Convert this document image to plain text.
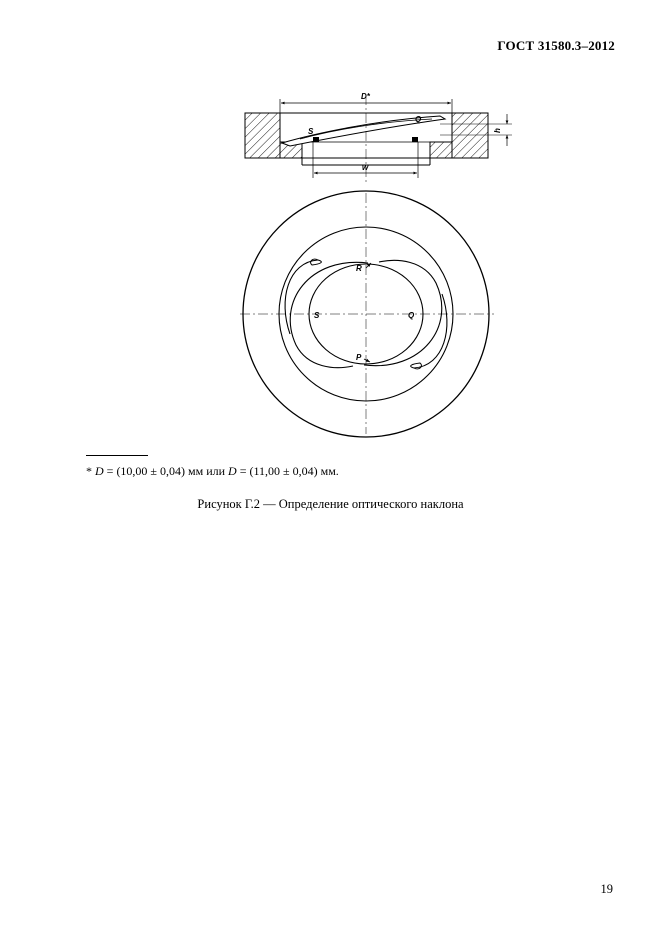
ГОСТ 31580.3–2012
D*
Q
S	h
w
R
S	Q
P
* D = (10,00 ± 0,04) мм или D = (11,00 ± 0,04) мм.
Рисунок Г.2 — Определение оптического наклона
19
